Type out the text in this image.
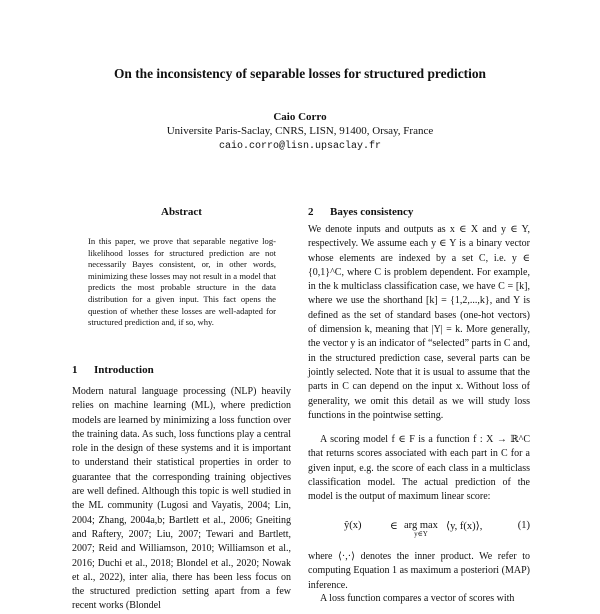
On the inconsistency of separable losses for structured prediction
Caio Corro
Universite Paris-Saclay, CNRS, LISN, 91400, Orsay, France
caio.corro@lisn.upsaclay.fr
Abstract
In this paper, we prove that separable negative log-likelihood losses for structured prediction are not necessarily Bayes consistent, or, in other words, minimizing these losses may not result in a model that predicts the most probable structure in the data distribution for a given input. This fact opens the question of whether these losses are well-adapted for structured prediction and, if so, why.
1 Introduction
Modern natural language processing (NLP) heavily relies on machine learning (ML), where prediction models are learned by minimizing a loss function over the training data. As such, loss functions play a central role in the design of these systems and it is important to understand their statistical properties in order to guarantee that the corresponding training objectives are well defined. Although this topic is well studied in the ML community (Lugosi and Vayatis, 2004; Lin, 2004; Zhang, 2004a,b; Bartlett et al., 2006; Gneiting and Raftery, 2007; Liu, 2007; Tewari and Bartlett, 2007; Reid and Williamson, 2010; Williamson et al., 2016; Duchi et al., 2018; Blondel et al., 2020; Nowak et al., 2022), inter alia, there has been less focus on the structured prediction setting apart from a few recent works (Blondel
2 Bayes consistency
We denote inputs and outputs as x ∈ X and y ∈ Y, respectively. We assume each y ∈ Y is a binary vector whose elements are indexed by a set C, i.e. y ∈ {0,1}^C, where C is problem dependent. For example, in the k multiclass classification case, we have C = [k], where we use the shorthand [k] = {1,2,...,k}, and Y is defined as the set of standard bases (one-hot vectors) of dimension k, meaning that |Y| = k. More generally, the vector y is an indicator of “selected” parts in C and, in the structured prediction case, several parts can be jointly selected. Note that it is usual to assume that the parts in C can depend on the input x. Without loss of generality, we omit this detail as we will study loss functions in the pointwise setting.
A scoring model f ∈ F is a function f : X → ℝ^C that returns scores associated with each part in C for a given input, e.g. the score of each class in a multiclass classification model. The actual prediction of the model is the output of maximum linear score:
ŷ(x)	∈ arg max
y∈Y
⟨y, f(x)⟩,	(1)
where ⟨·,·⟩ denotes the inner product. We refer to computing Equation 1 as maximum a posteriori (MAP) inference.
A loss function compares a vector of scores with
